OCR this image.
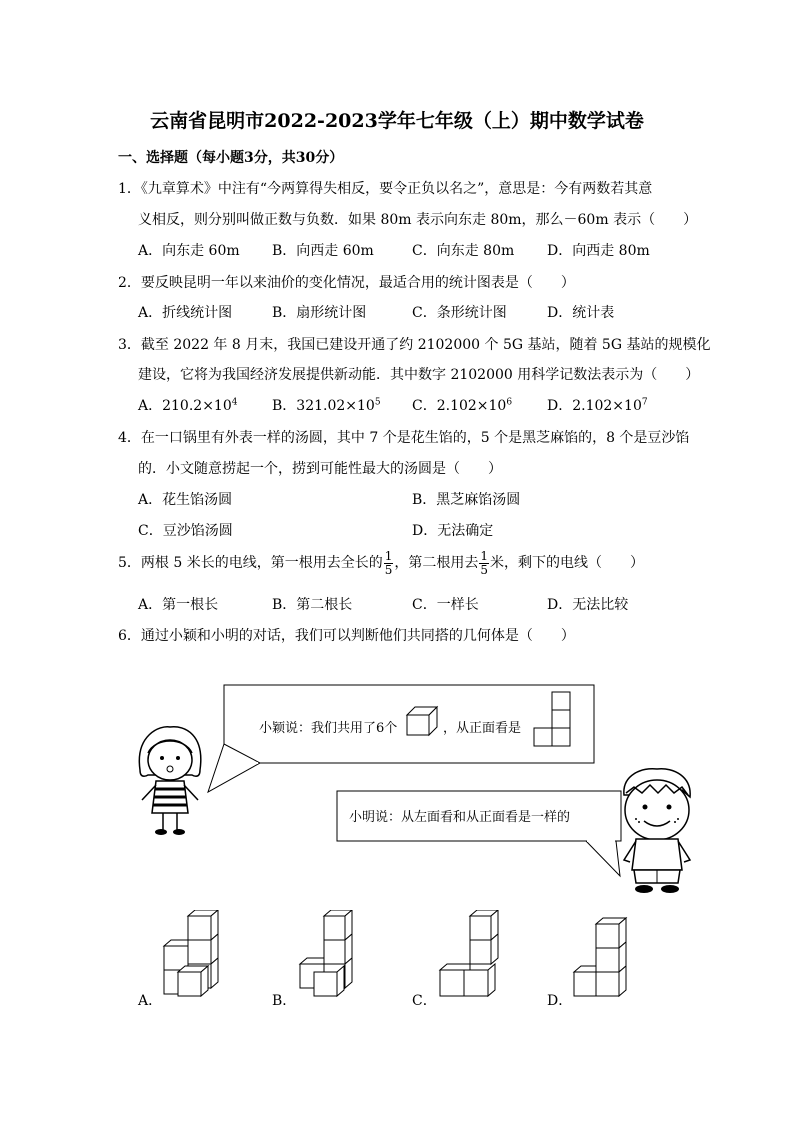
云南省昆明市2022-2023学年七年级（上）期中数学试卷
一、选择题（每小题3分，共30分）
1．《九章算术》中注有“今两算得失相反，要令正负以名之”，意思是：今有两数若其意
义相反，则分别叫做正数与负数．如果 80m 表示向东走 80m，那么－60m 表示（　　）
A．向东走 60m B．向西走 60m	C．向东走 80m D．向西走 80m
2．要反映昆明一年以来油价的变化情况，最适合用的统计图表是（　　）
A．折线统计图	B．扇形统计图	C．条形统计图	D．统计表
3．截至 2022 年 8 月末，我国已建设开通了约 2102000 个 5G 基站，随着 5G 基站的规模化
建设，它将为我国经济发展提供新动能．其中数字 2102000 用科学记数法表示为（　　）
A．$210.2\times 10^4$ B．$321.02\times 10^5$ C．$2.102\times 10^6$ D．$2.102\times 10^7$
4．在一口锅里有外表一样的汤圆，其中 7 个是花生馅的，5 个是黑芝麻馅的，8 个是豆沙馅
的．小文随意捞起一个，捞到可能性最大的汤圆是（　　）
A．花生馅汤圆	B．黑芝麻馅汤圆
C．豆沙馅汤圆	D．无法确定
5．两根 5 米长的电线，第一根用去全长的 $\frac{1}{5}$ ，第二根用去 $\frac{1}{5}$ 米，剩下的电线（　　）
A．第一根长	B．第二根长	C．一样长	D．无法比较
6．通过小颖和小明的对话，我们可以判断他们共同搭的几何体是（　　）
小颖说：我们共用了6个	，从正面看是
小明说：从左面看和从正面看是一样的
A．	B．	C．	D．
